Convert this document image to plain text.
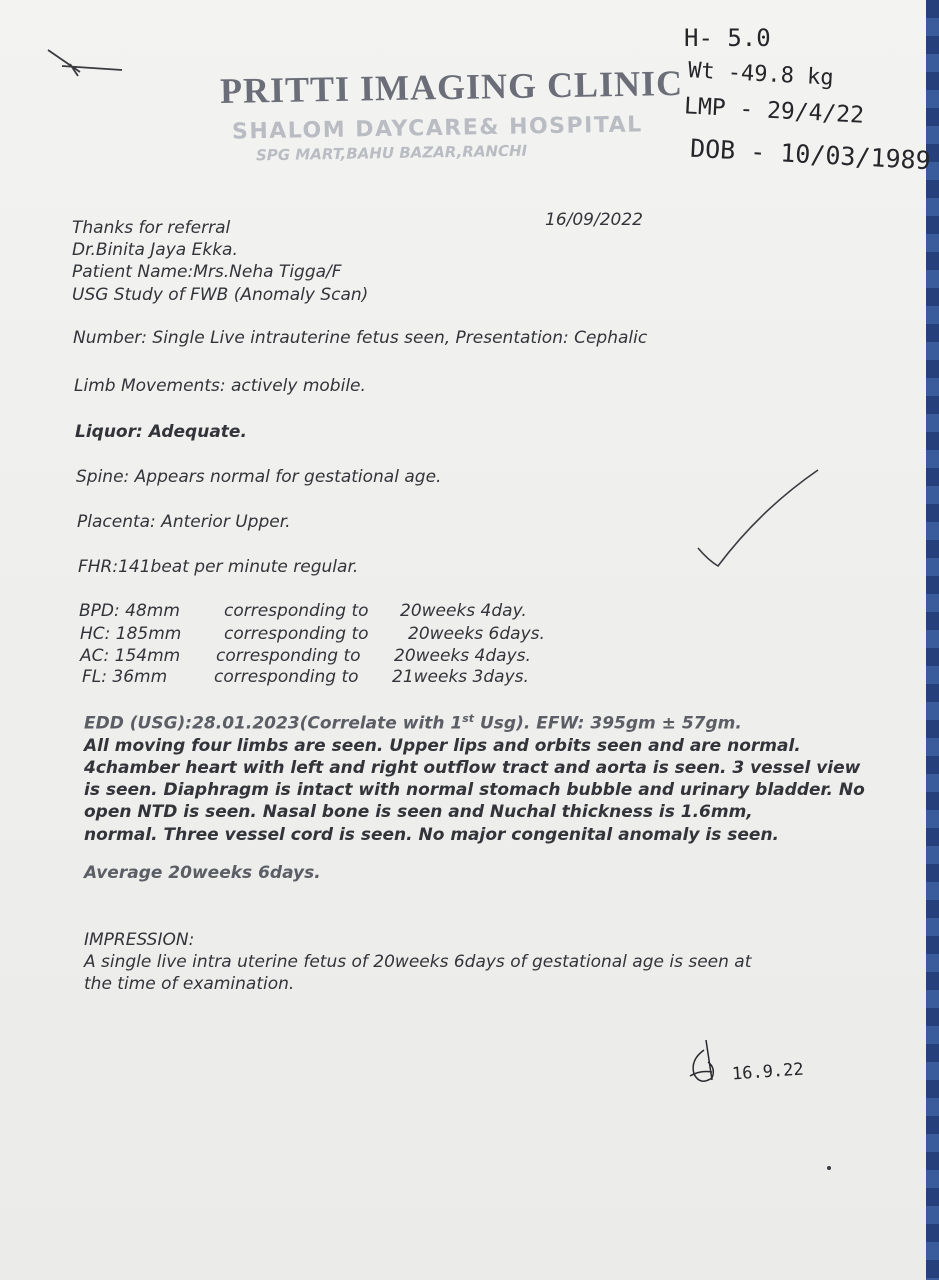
H- 5.0
Wt -49.8 kg
LMP - 29/4/22
DOB - 10/03/1989
PRITTI IMAGING CLINIC
SHALOM DAYCARE& HOSPITAL
SPG MART,BAHU BAZAR,RANCHI
16/09/2022
Thanks for referral
Dr.Binita Jaya Ekka.
Patient Name:Mrs.Neha Tigga/F
USG Study of FWB (Anomaly Scan)
Number: Single Live intrauterine fetus seen, Presentation: Cephalic
Limb Movements: actively mobile.
Liquor: Adequate.
Spine: Appears normal for gestational age.
Placenta: Anterior Upper.
FHR:141beat per minute regular.
BPD: 48mm	corresponding to 20weeks 4day.
HC: 185mm	corresponding to 20weeks 6days.
AC: 154mm corresponding to 20weeks 4days.
FL: 36mm	corresponding to 21weeks 3days.
EDD (USG):28.01.2023(Correlate with 1st Usg). EFW: 395gm ± 57gm.
All moving four limbs are seen. Upper lips and orbits seen and are normal.
4chamber heart with left and right outflow tract and aorta is seen. 3 vessel view
is seen. Diaphragm is intact with normal stomach bubble and urinary bladder. No
open NTD is seen. Nasal bone is seen and Nuchal thickness is 1.6mm,
normal. Three vessel cord is seen. No major congenital anomaly is seen.
Average 20weeks 6days.
IMPRESSION:
A single live intra uterine fetus of 20weeks 6days of gestational age is seen at
the time of examination.
16.9.22
